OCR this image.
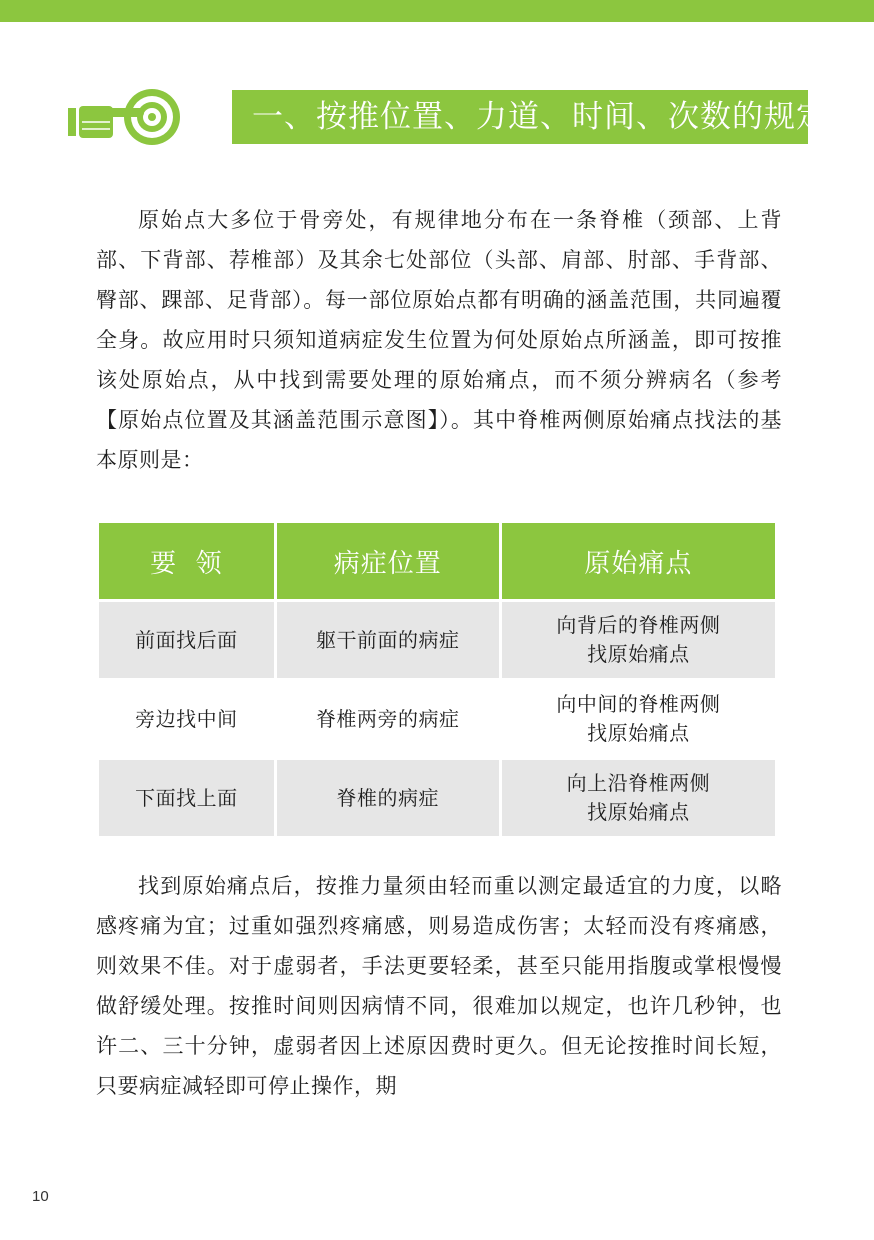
一、按推位置、力道、时间、次数的规定

原始点大多位于骨旁处，有规律地分布在一条脊椎（颈部、上背部、下背部、荐椎部）及其余七处部位（头部、肩部、肘部、手背部、臀部、踝部、足背部）。每一部位原始点都有明确的涵盖范围，共同遍覆全身。故应用时只须知道病症发生位置为何处原始点所涵盖，即可按推该处原始点，从中找到需要处理的原始痛点，而不须分辨病名（参考【原始点位置及其涵盖范围示意图】）。其中脊椎两侧原始痛点找法的基本原则是：

要  领	病症位置	原始痛点
前面找后面	躯干前面的病症	向背后的脊椎两侧
找原始痛点

旁边找中间	脊椎两旁的病症	向中间的脊椎两侧
找原始痛点

下面找上面	脊椎的病症	向上沿脊椎两侧
找原始痛点

找到原始痛点后，按推力量须由轻而重以测定最适宜的力度，以略感疼痛为宜；过重如强烈疼痛感，则易造成伤害；太轻而没有疼痛感，则效果不佳。对于虚弱者，手法更要轻柔，甚至只能用指腹或掌根慢慢做舒缓处理。按推时间则因病情不同，很难加以规定，也许几秒钟，也许二、三十分钟，虚弱者因上述原因费时更久。但无论按推时间长短，只要病症减轻即可停止操作，期

10
